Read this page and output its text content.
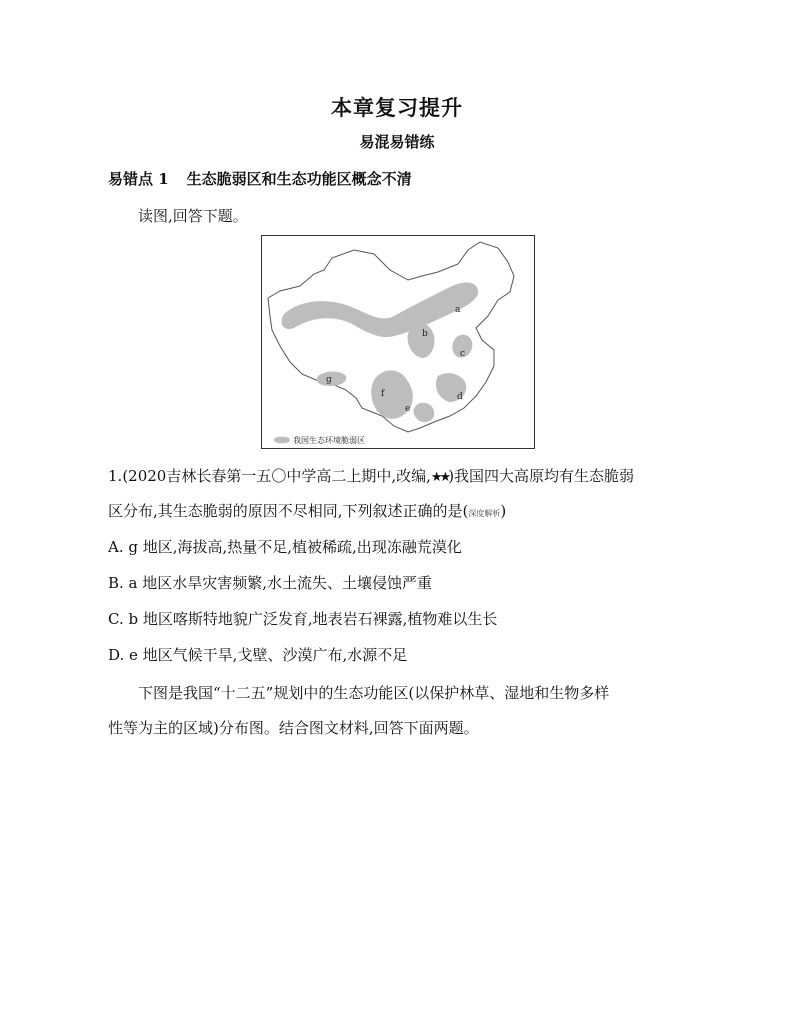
本章复习提升
易混易错练
易错点 1 生态脆弱区和生态功能区概念不清
读图,回答下题。
a
b
c
d
e
f
g
我国生态环境脆弱区
1.(2020吉林长春第一五〇中学高二上期中,改编,★★)我国四大高原均有生态脆弱
区分布,其生态脆弱的原因不尽相同,下列叙述正确的是(深度解析)
A. g 地区,海拔高,热量不足,植被稀疏,出现冻融荒漠化
B. a 地区水旱灾害频繁,水土流失、土壤侵蚀严重
C. b 地区喀斯特地貌广泛发育,地表岩石裸露,植物难以生长
D. e 地区气候干旱,戈壁、沙漠广布,水源不足
下图是我国“十二五”规划中的生态功能区(以保护林草、湿地和生物多样
性等为主的区域)分布图。结合图文材料,回答下面两题。
